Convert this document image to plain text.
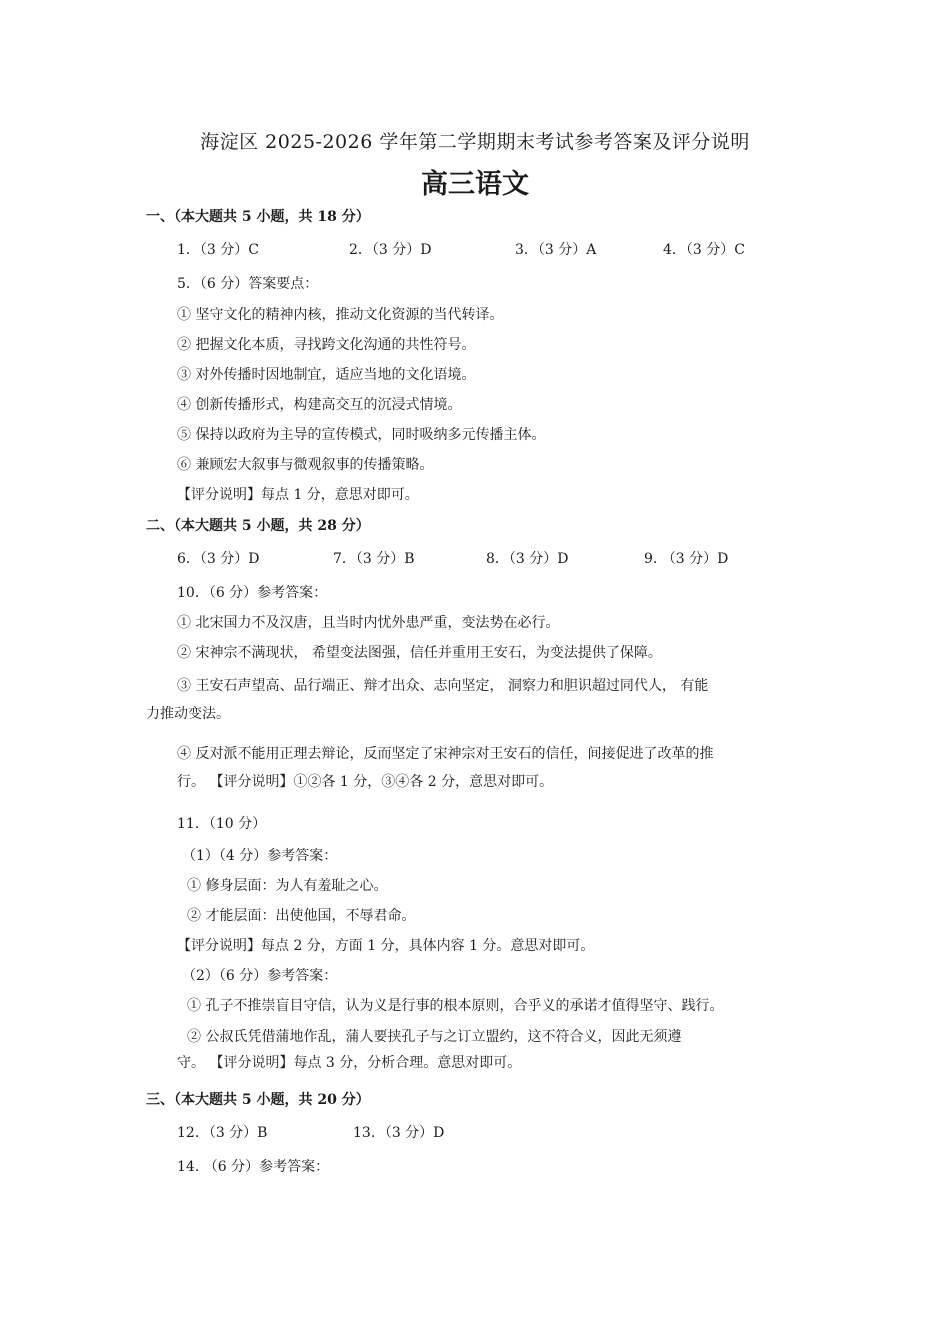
海淀区 2025-2026 学年第二学期期末考试参考答案及评分说明
高三语文
一、（本大题共 5 小题，共 18 分）
1．（3 分）C	2．（3 分）D	3．（3 分）A	4．（3 分）C
5．（6 分）答案要点：
① 坚守文化的精神内核，推动文化资源的当代转译。
② 把握文化本质，寻找跨文化沟通的共性符号。
③ 对外传播时因地制宜，适应当地的文化语境。
④ 创新传播形式，构建高交互的沉浸式情境。
⑤ 保持以政府为主导的宣传模式，同时吸纳多元传播主体。
⑥ 兼顾宏大叙事与微观叙事的传播策略。
【评分说明】每点 1 分，意思对即可。
二、（本大题共 5 小题，共 28 分）
6．（3 分）D	7．（3 分）B	8．（3 分）D	9. （3 分）D
10．（6 分）参考答案：
① 北宋国力不及汉唐，且当时内忧外患严重，变法势在必行。
② 宋神宗不满现状， 希望变法图强，信任并重用王安石，为变法提供了保障。
③ 王安石声望高、品行端正、辩才出众、志向坚定， 洞察力和胆识超过同代人， 有能
力推动变法。
④ 反对派不能用正理去辩论，反而坚定了宋神宗对王安石的信任，间接促进了改革的推
行。 【评分说明】①②各 1 分，③④各 2 分，意思对即可。
11．（10 分）
（1）（4 分）参考答案：
① 修身层面：为人有羞耻之心。
② 才能层面：出使他国，不辱君命。
【评分说明】每点 2 分，方面 1 分，具体内容 1 分。意思对即可。
（2）（6 分）参考答案：
① 孔子不推崇盲目守信，认为义是行事的根本原则，合乎义的承诺才值得坚守、践行。
② 公叔氏凭借蒲地作乱，蒲人要挟孔子与之订立盟约，这不符合义，因此无须遵
守。 【评分说明】每点 3 分，分析合理。意思对即可。
三、（本大题共 5 小题，共 20 分）
12．（3 分）B	13．（3 分）D
14. （6 分）参考答案：
